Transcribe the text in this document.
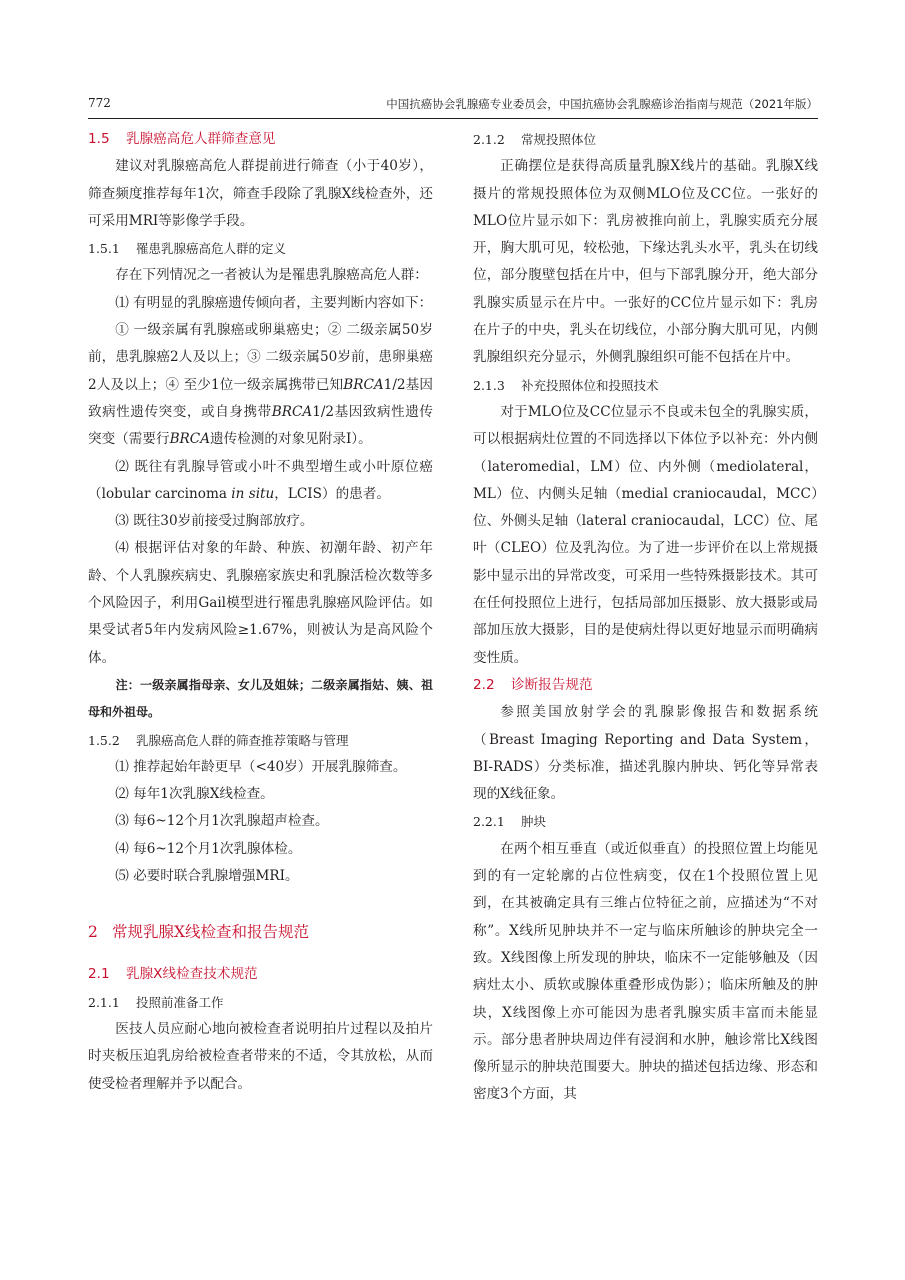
772	中国抗癌协会乳腺癌专业委员会，中国抗癌协会乳腺癌诊治指南与规范（2021年版）
1.5 乳腺癌高危人群筛查意见

建议对乳腺癌高危人群提前进行筛查（小于40岁），筛查频度推荐每年1次，筛查手段除了乳腺X线检查外，还可采用MRI等影像学手段。

1.5.1 罹患乳腺癌高危人群的定义

存在下列情况之一者被认为是罹患乳腺癌高危人群：

⑴ 有明显的乳腺癌遗传倾向者，主要判断内容如下：

① 一级亲属有乳腺癌或卵巢癌史；② 二级亲属50岁前，患乳腺癌2人及以上；③ 二级亲属50岁前，患卵巢癌2人及以上；④ 至少1位一级亲属携带已知BRCA1/2基因致病性遗传突变，或自身携带BRCA1/2基因致病性遗传突变（需要行BRCA遗传检测的对象见附录Ⅰ）。

⑵ 既往有乳腺导管或小叶不典型增生或小叶原位癌（lobular carcinoma in situ，LCIS）的患者。

⑶ 既往30岁前接受过胸部放疗。

⑷ 根据评估对象的年龄、种族、初潮年龄、初产年龄、个人乳腺疾病史、乳腺癌家族史和乳腺活检次数等多个风险因子，利用Gail模型进行罹患乳腺癌风险评估。如果受试者5年内发病风险≥1.67%，则被认为是高风险个体。

注：一级亲属指母亲、女儿及姐妹；二级亲属指姑、姨、祖母和外祖母。

1.5.2 乳腺癌高危人群的筛查推荐策略与管理

⑴ 推荐起始年龄更早（<40岁）开展乳腺筛查。

⑵ 每年1次乳腺X线检查。

⑶ 每6~12个月1次乳腺超声检查。

⑷ 每6~12个月1次乳腺体检。

⑸ 必要时联合乳腺增强MRI。

2 常规乳腺X线检查和报告规范
2.1 乳腺X线检查技术规范
2.1.1 投照前准备工作

医技人员应耐心地向被检查者说明拍片过程以及拍片时夹板压迫乳房给被检查者带来的不适，令其放松，从而使受检者理解并予以配合。

2.1.2 常规投照体位

正确摆位是获得高质量乳腺X线片的基础。乳腺X线摄片的常规投照体位为双侧MLO位及CC位。一张好的MLO位片显示如下：乳房被推向前上，乳腺实质充分展开，胸大肌可见，较松弛，下缘达乳头水平，乳头在切线位，部分腹壁包括在片中，但与下部乳腺分开，绝大部分乳腺实质显示在片中。一张好的CC位片显示如下：乳房在片子的中央，乳头在切线位，小部分胸大肌可见，内侧乳腺组织充分显示，外侧乳腺组织可能不包括在片中。

2.1.3 补充投照体位和投照技术

对于MLO位及CC位显示不良或未包全的乳腺实质，可以根据病灶位置的不同选择以下体位予以补充：外内侧（lateromedial，LM）位、内外侧（mediolateral，ML）位、内侧头足轴（medial craniocaudal，MCC）位、外侧头足轴（lateral craniocaudal，LCC）位、尾叶（CLEO）位及乳沟位。为了进一步评价在以上常规摄影中显示出的异常改变，可采用一些特殊摄影技术。其可在任何投照位上进行，包括局部加压摄影、放大摄影或局部加压放大摄影，目的是使病灶得以更好地显示而明确病变性质。

2.2 诊断报告规范

参照美国放射学会的乳腺影像报告和数据系统（Breast Imaging Reporting and Data System，BI-RADS）分类标准，描述乳腺内肿块、钙化等异常表现的X线征象。

2.2.1 肿块

在两个相互垂直（或近似垂直）的投照位置上均能见到的有一定轮廓的占位性病变，仅在1个投照位置上见到，在其被确定具有三维占位特征之前，应描述为“不对称”。X线所见肿块并不一定与临床所触诊的肿块完全一致。X线图像上所发现的肿块，临床不一定能够触及（因病灶太小、质软或腺体重叠形成伪影）；临床所触及的肿块，X线图像上亦可能因为患者乳腺实质丰富而未能显示。部分患者肿块周边伴有浸润和水肿，触诊常比X线图像所显示的肿块范围要大。肿块的描述包括边缘、形态和密度3个方面，其
